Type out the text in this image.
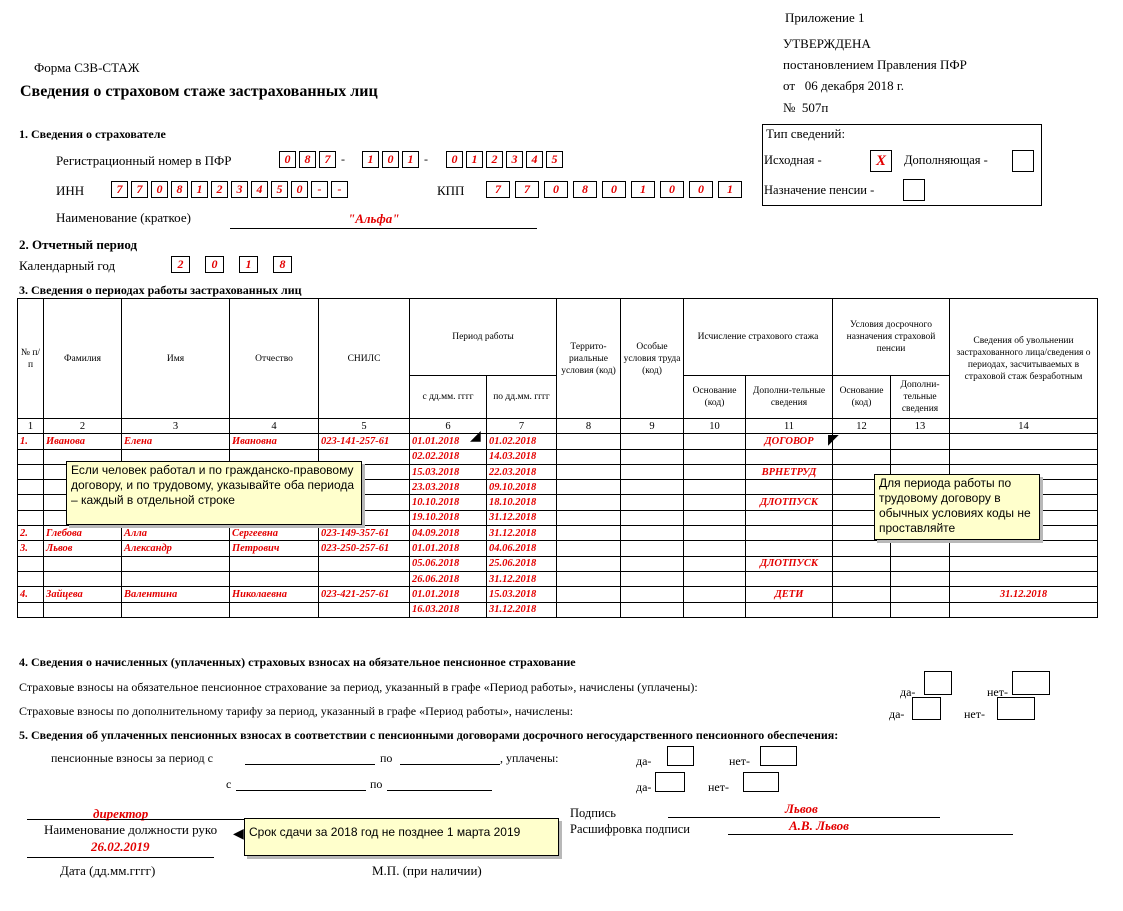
Приложение 1
УТВЕРЖДЕНА
постановлением Правления ПФР
от 06 декабря 2018 г.
№ 507п
Форма СЗВ-СТАЖ
Сведения о страховом стаже застрахованных лиц
Тип сведений:
Исходная -	X	Дополняющая -
Назначение пенсии -
1. Сведения о страхователе
Регистрационный номер в ПФР	0	8	7 -	1	0	1 -	0	1	2	3	4	5
ИНН	7	7	0	8	1	2	3	4	5	0	-	-	КПП	7	7	0	8	0	1	0	0	1
Наименование (краткое)	"Альфа"
2. Отчетный период
Календарный год	2	0	1	8
3. Сведения о периодах работы застрахованных лиц
№ п/п	Фамилия	Имя	Отчество	СНИЛС	Период работы		Террито-риальные условия (код)	Особые условия труда (код)	Исчисление страхового стажа		Условия досрочного назначения страховой пенсии		Сведения об увольнении застрахованного лица/сведения о периодах, засчитываемых в страховой стаж безработным
					с дд.мм. гггг	по дд.мм. гггг			Основание (код)	Дополни-тельные сведения	Основание (код)	Дополни-тельные сведения	
1	2	3	4	5	6	7	8	9	10	11	12	13	14
1.	Иванова	Елена	Ивановна	023-141-257-61	01.01.2018	01.02.2018				ДОГОВОР			
					02.02.2018	14.03.2018							
					15.03.2018	22.03.2018				ВРНЕТРУД			
					23.03.2018	09.10.2018							
					10.10.2018	18.10.2018				ДЛОТПУСК			
					19.10.2018	31.12.2018							
2.	Глебова	Алла	Сергеевна	023-149-357-61	04.09.2018	31.12.2018							
3.	Львов	Александр	Петрович	023-250-257-61	01.01.2018	04.06.2018							
					05.06.2018	25.06.2018				ДЛОТПУСК			
					26.06.2018	31.12.2018							
4.	Зайцева	Валентина	Николаевна	023-421-257-61	01.01.2018	15.03.2018				ДЕТИ			31.12.2018
					16.03.2018	31.12.2018							
Если человек работал и по гражданско-правовому договору, и по трудовому, указывайте оба периода – каждый в отдельной строке
Для периода работы по трудовому договору в обычных условиях коды не проставляйте
◢	◤
4. Сведения о начисленных (уплаченных) страховых взносах на обязательное пенсионное страхование
Страховые взносы на обязательное пенсионное страхование за период, указанный в графе «Период работы», начислены (уплачены):	да-	нет-
Страховые взносы по дополнительному тарифу за период, указанный в графе «Период работы», начислены:	да-	нет-
5. Сведения об уплаченных пенсионных взносах в соответствии с пенсионными договорами досрочного негосударственного пенсионного обеспечения:
пенсионные взносы за период с	по	, уплачены:	да-	нет-
с	по	да-	нет-
директор
Наименование должности руко ◀ Срок сдачи за 2018 год не позднее 1 марта 2019
Подпись	Львов
Расшифровка подписи	А.В. Львов
26.02.2019
Дата (дд.мм.гггг)	М.П. (при наличии)
